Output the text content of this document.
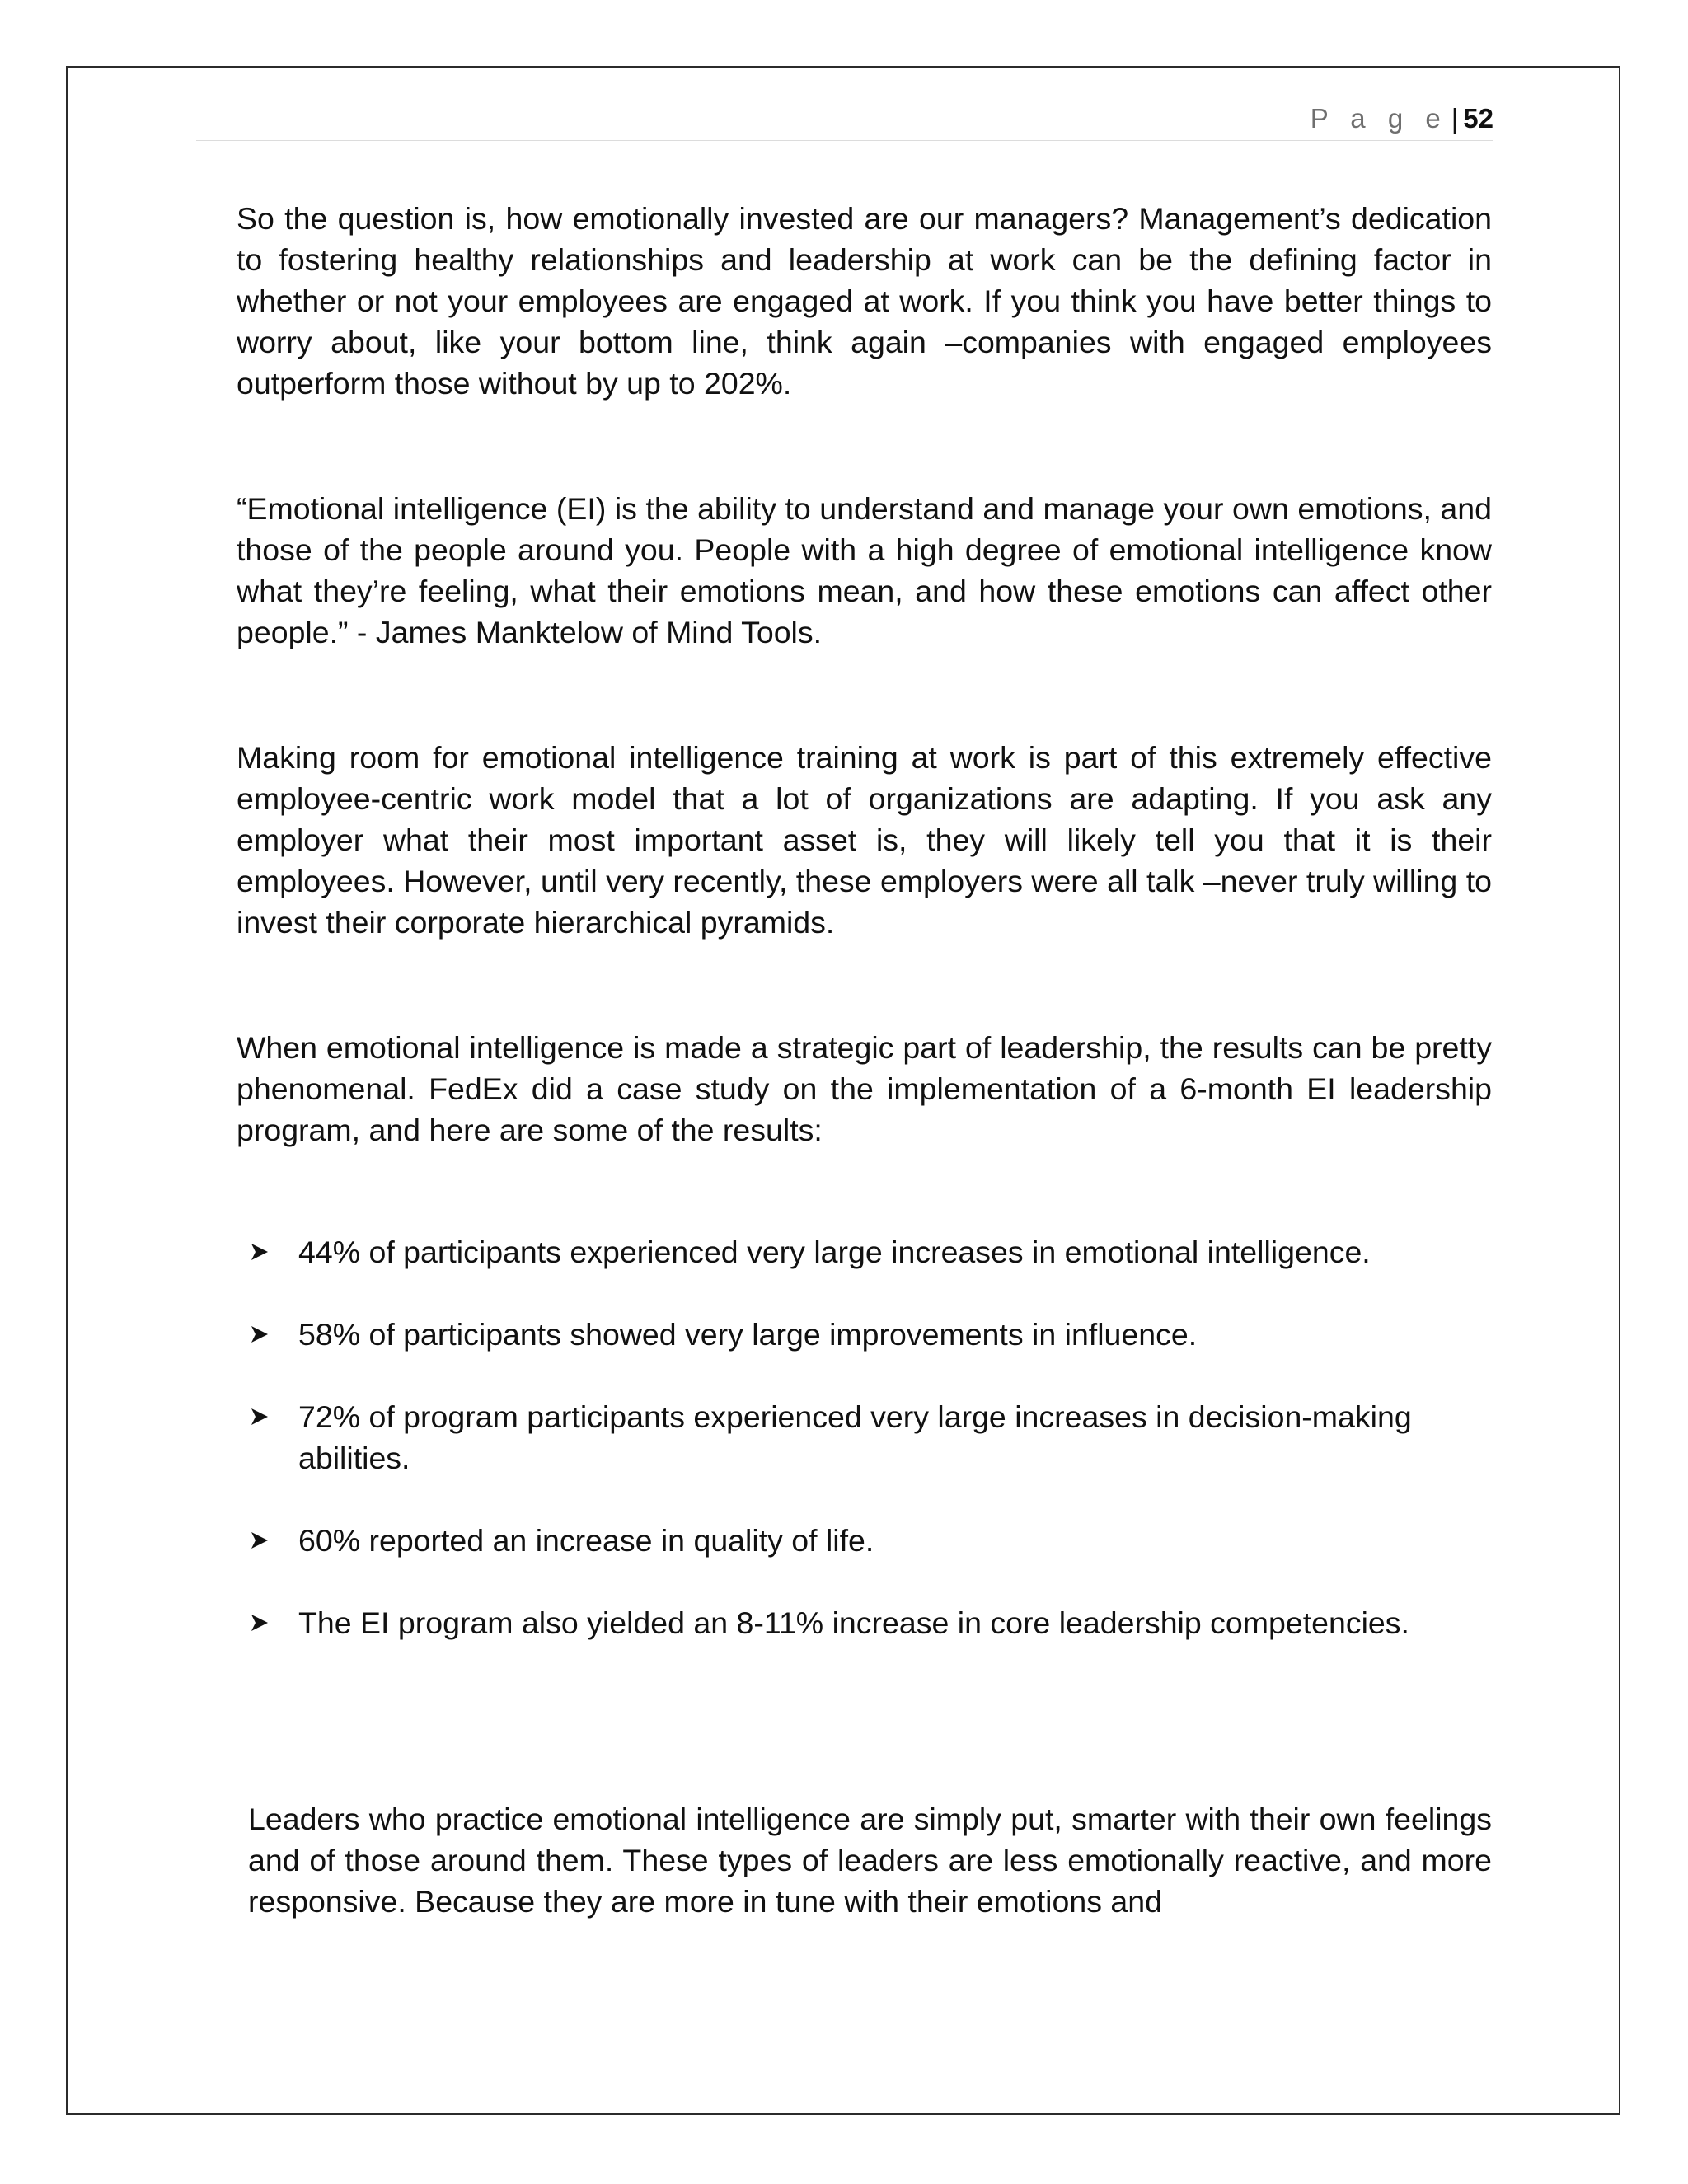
P a g e | 52

So the question is, how emotionally invested are our managers? Management’s dedication to fostering healthy relationships and leadership at work can be the defining factor in whether or not your employees are engaged at work. If you think you have better things to worry about, like your bottom line, think again –companies with engaged employees outperform those without by up to 202%.

“Emotional intelligence (EI) is the ability to understand and manage your own emotions, and those of the people around you. People with a high degree of emotional intelligence know what they’re feeling, what their emotions mean, and how these emotions can affect other people.” - James Manktelow of Mind Tools.

Making room for emotional intelligence training at work is part of this extremely effective employee-centric work model that a lot of organizations are adapting. If you ask any employer what their most important asset is, they will likely tell you that it is their employees. However, until very recently, these employers were all talk –never truly willing to invest their corporate hierarchical pyramids.

When emotional intelligence is made a strategic part of leadership, the results can be pretty phenomenal. FedEx did a case study on the implementation of a 6-month EI leadership program, and here are some of the results:

44% of participants experienced very large increases in emotional intelligence.
58% of participants showed very large improvements in influence.
72% of program participants experienced very large increases in decision-making abilities.
60% reported an increase in quality of life.
The EI program also yielded an 8-11% increase in core leadership competencies.

Leaders who practice emotional intelligence are simply put, smarter with their own feelings and of those around them. These types of leaders are less emotionally reactive, and more responsive. Because they are more in tune with their emotions and
